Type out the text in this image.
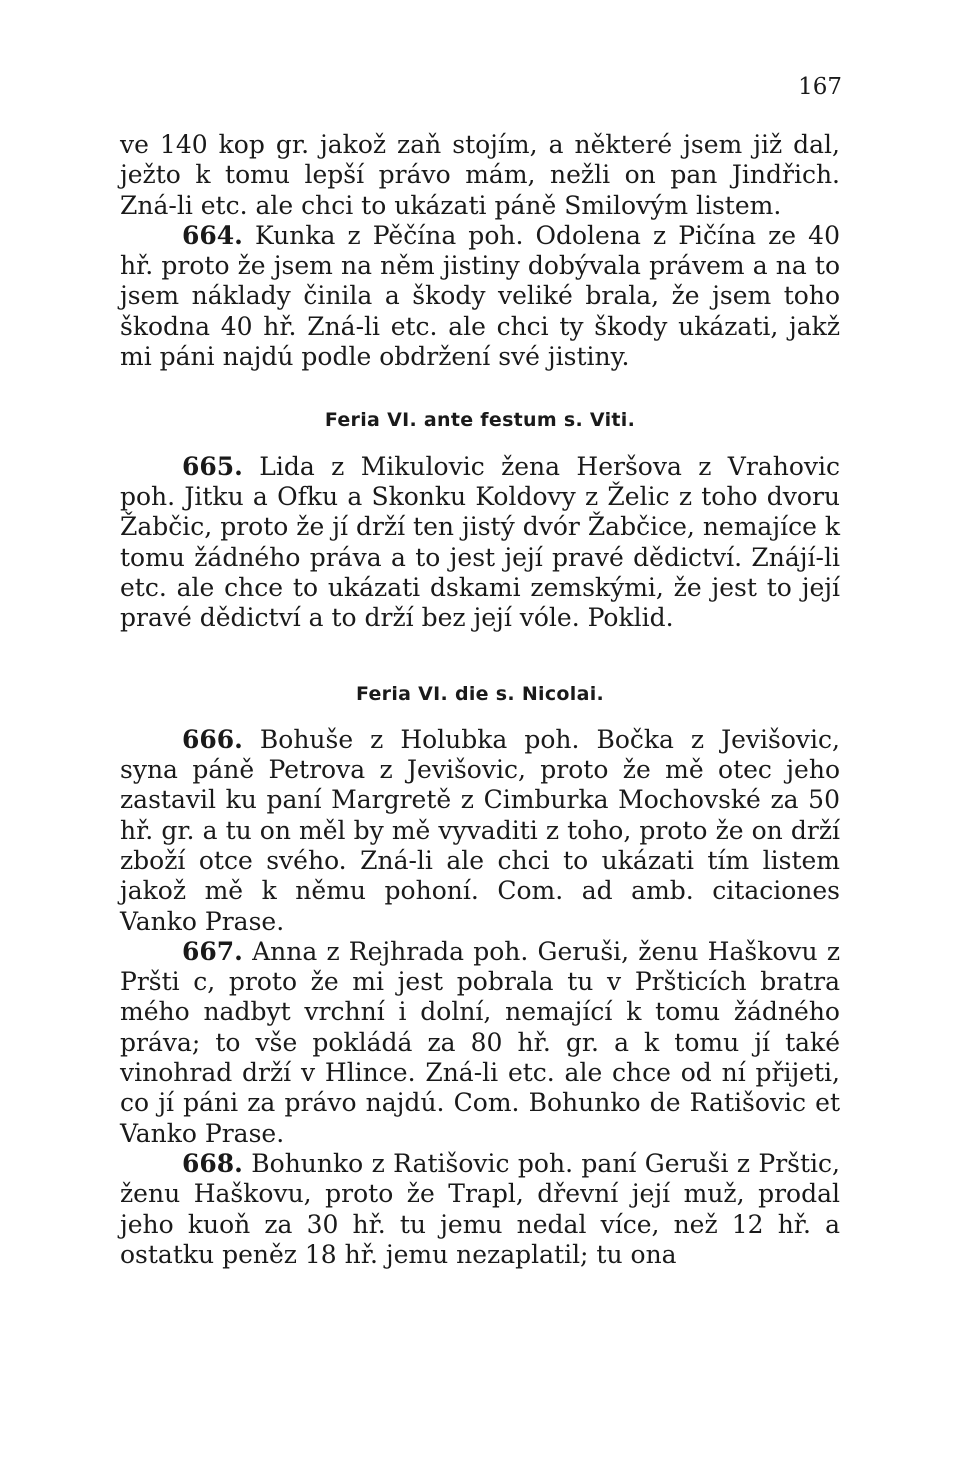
167

ve 140 kop gr. jakož zaň stojím, a některé jsem již dal, ježto k tomu lepší právo mám, nežli on pan Jindřich. Zná-li etc. ale chci to ukázati páně Smilovým listem.

664. Kunka z Pěčína poh. Odolena z Pičína ze 40 hř. proto že jsem na něm jistiny dobývala právem a na to jsem náklady činila a škody veliké brala, že jsem toho škodna 40 hř. Zná-li etc. ale chci ty škody ukázati, jakž mi páni najdú podle obdržení své jistiny.

Feria VI. ante festum s. Viti.

665. Lida z Mikulovic žena Heršova z Vrahovic poh. Jitku a Ofku a Skonku Koldovy z Želic z toho dvoru Žabčic, proto že jí drží ten jistý dvór Žabčice, nemajíce k tomu žádného práva a to jest její pravé dědictví. Znájí-li etc. ale chce to ukázati dskami zemskými, že jest to její pravé dědictví a to drží bez její vóle. Poklid.

Feria VI. die s. Nicolai.

666. Bohuše z Holubka poh. Bočka z Jevišovic, syna páně Petrova z Jevišovic, proto že mě otec jeho zastavil ku paní Margretě z Cimburka Mochovské za 50 hř. gr. a tu on měl by mě vyvaditi z toho, proto že on drží zboží otce svého. Zná-li ale chci to ukázati tím listem jakož mě k němu pohoní. Com. ad amb. citaciones Vanko Prase.

667. Anna z Rejhrada poh. Geruši, ženu Haškovu z Pršti c, proto že mi jest pobrala tu v Pršticích bratra mého nadbyt vrchní i dolní, nemající k tomu žádného práva; to vše pokládá za 80 hř. gr. a k tomu jí také vinohrad drží v Hlince. Zná-li etc. ale chce od ní přijeti, co jí páni za právo najdú. Com. Bohunko de Ratišovic et Vanko Prase.

668. Bohunko z Ratišovic poh. paní Geruši z Prštic, ženu Haškovu, proto že Trapl, dřevní její muž, prodal jeho kuoň za 30 hř. tu jemu nedal více, než 12 hř. a ostatku peněz 18 hř. jemu nezaplatil; tu ona
